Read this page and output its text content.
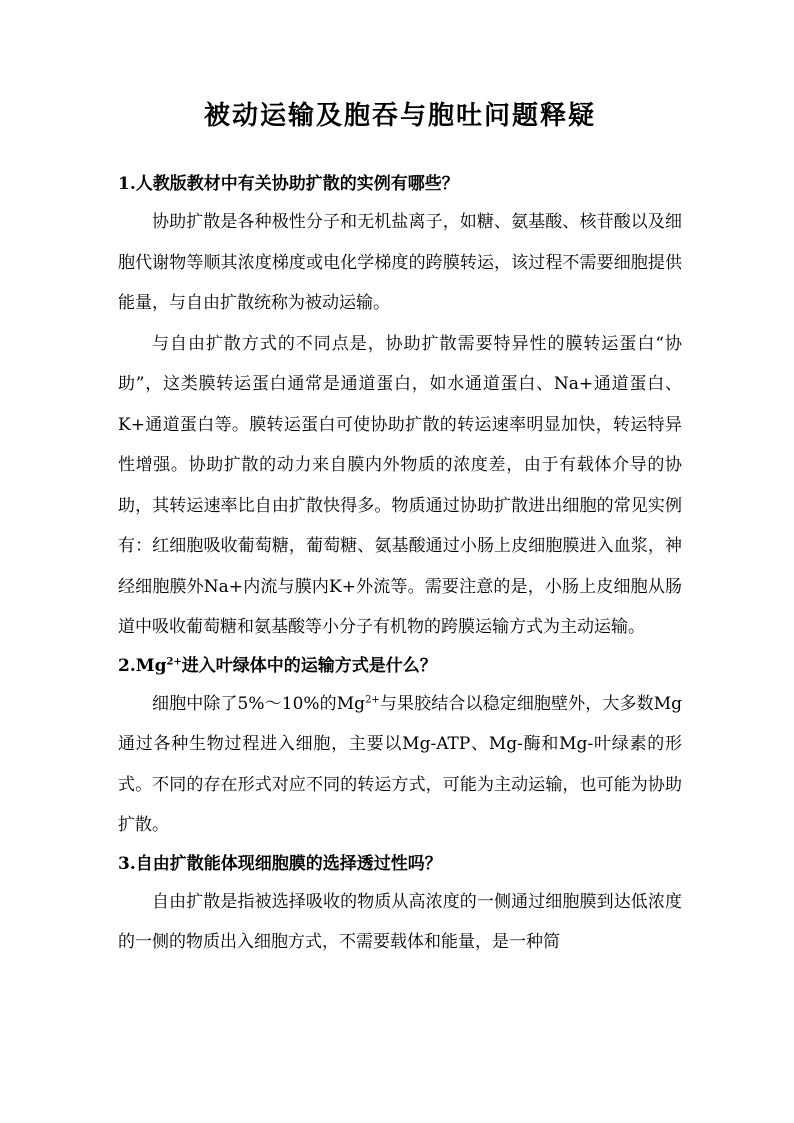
被动运输及胞吞与胞吐问题释疑

1.人教版教材中有关协助扩散的实例有哪些？

协助扩散是各种极性分子和无机盐离子，如糖、氨基酸、核苷酸以及细胞代谢物等顺其浓度梯度或电化学梯度的跨膜转运，该过程不需要细胞提供能量，与自由扩散统称为被动运输。

与自由扩散方式的不同点是，协助扩散需要特异性的膜转运蛋白“协助”，这类膜转运蛋白通常是通道蛋白，如水通道蛋白、Na+通道蛋白、K+通道蛋白等。膜转运蛋白可使协助扩散的转运速率明显加快，转运特异性增强。协助扩散的动力来自膜内外物质的浓度差，由于有载体介导的协助，其转运速率比自由扩散快得多。物质通过协助扩散进出细胞的常见实例有：红细胞吸收葡萄糖，葡萄糖、氨基酸通过小肠上皮细胞膜进入血浆，神经细胞膜外Na+内流与膜内K+外流等。需要注意的是，小肠上皮细胞从肠道中吸收葡萄糖和氨基酸等小分子有机物的跨膜运输方式为主动运输。

$2.Mg^{2+}$进入叶绿体中的运输方式是什么？

细胞中除了5%～10%的$Mg^{2+}$与果胶结合以稳定细胞壁外，大多数Mg通过各种生物过程进入细胞，主要以Mg-ATP、Mg-酶和Mg-叶绿素的形式。不同的存在形式对应不同的转运方式，可能为主动运输，也可能为协助扩散。

3.自由扩散能体现细胞膜的选择透过性吗？

自由扩散是指被选择吸收的物质从高浓度的一侧通过细胞膜到达低浓度的一侧的物质出入细胞方式，不需要载体和能量，是一种简
